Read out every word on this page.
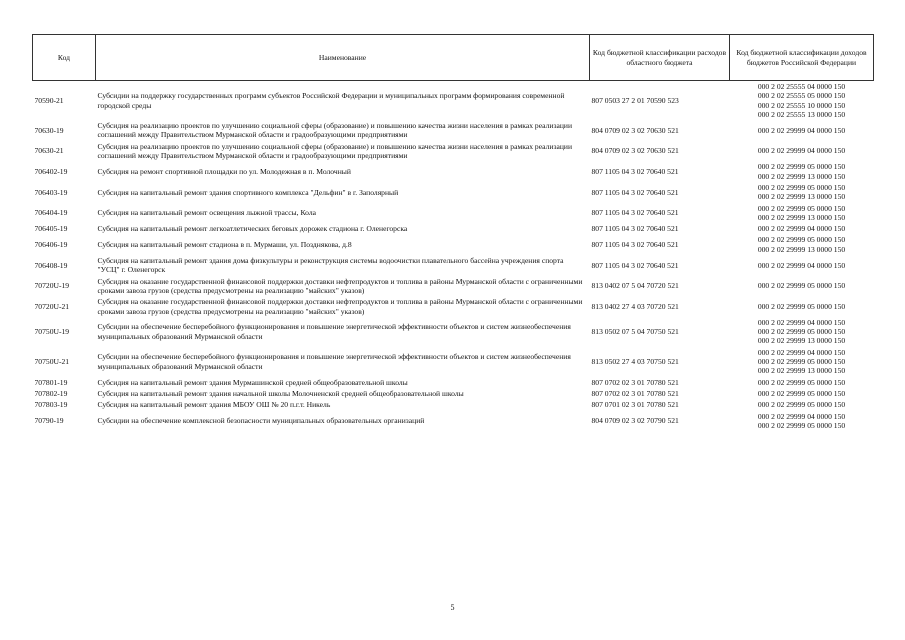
Код	Наименование	Код бюджетной классификации расходов областного бюджета	Код бюджетной классификации доходов бюджетов Российской Федерации
70590-21	Субсидии на поддержку государственных программ субъектов Российской Федерации и муниципальных программ формирования современной городской среды	807 0503 27 2 01 70590 523	000 2 02 25555 04 0000 150
000 2 02 25555 05 0000 150
000 2 02 25555 10 0000 150
000 2 02 25555 13 0000 150
70630-19	Субсидия на реализацию проектов по улучшению социальной сферы (образование) и повышению качества жизни населения в рамках реализации соглашений между Правительством Мурманской области и градообразующими предприятиями	804 0709 02 3 02 70630 521	000 2 02 29999 04 0000 150
70630-21	Субсидия на реализацию проектов по улучшению социальной сферы (образование) и повышению качества жизни населения в рамках реализации соглашений между Правительством Мурманской области и градообразующими предприятиями	804 0709 02 3 02 70630 521	000 2 02 29999 04 0000 150
706402-19	Субсидия на ремонт спортивной площадки по ул. Молодежная в п. Молочный	807 1105 04 3 02 70640 521	000 2 02 29999 05 0000 150
000 2 02 29999 13 0000 150
706403-19	Субсидия на капитальный ремонт здания спортивного комплекса "Дельфин" в г. Заполярный	807 1105 04 3 02 70640 521	000 2 02 29999 05 0000 150
000 2 02 29999 13 0000 150
706404-19	Субсидия на капитальный ремонт освещения лыжной трассы, Кола	807 1105 04 3 02 70640 521	000 2 02 29999 05 0000 150
000 2 02 29999 13 0000 150
706405-19	Субсидия на капитальный ремонт легкоатлетических беговых дорожек стадиона г. Оленегорска	807 1105 04 3 02 70640 521	000 2 02 29999 04 0000 150
706406-19	Субсидия на капитальный ремонт стадиона в п. Мурмаши, ул. Позднякова, д.8	807 1105 04 3 02 70640 521	000 2 02 29999 05 0000 150
000 2 02 29999 13 0000 150
706408-19	Субсидия на капитальный ремонт здания дома физкультуры и реконструкция системы водоочистки плавательного бассейна учреждения спорта "УСЦ" г. Оленегорск	807 1105 04 3 02 70640 521	000 2 02 29999 04 0000 150
70720U-19	Субсидия на оказание государственной финансовой поддержки доставки нефтепродуктов и топлива в районы Мурманской области с ограниченными сроками завоза грузов (средства предусмотрены на реализацию "майских" указов)	813 0402 07 5 04 70720 521	000 2 02 29999 05 0000 150
70720U-21	Субсидия на оказание государственной финансовой поддержки доставки нефтепродуктов и топлива в районы Мурманской области с ограниченными сроками завоза грузов (средства предусмотрены на реализацию "майских" указов)	813 0402 27 4 03 70720 521	000 2 02 29999 05 0000 150
70750U-19	Субсидии на обеспечение бесперебойного функционирования и повышение энергетической эффективности объектов и систем жизнеобеспечения муниципальных образований Мурманской области	813 0502 07 5 04 70750 521	000 2 02 29999 04 0000 150
000 2 02 29999 05 0000 150
000 2 02 29999 13 0000 150
70750U-21	Субсидии на обеспечение бесперебойного функционирования и повышение энергетической эффективности объектов и систем жизнеобеспечения муниципальных образований Мурманской области	813 0502 27 4 03 70750 521	000 2 02 29999 04 0000 150
000 2 02 29999 05 0000 150
000 2 02 29999 13 0000 150
707801-19	Субсидия на капитальный ремонт здания Мурмашинской средней общеобразовательной школы	807 0702 02 3 01 70780 521	000 2 02 29999 05 0000 150
707802-19	Субсидия на капитальный ремонт здания начальной школы Молочненской средней общеобразовательной школы	807 0702 02 3 01 70780 521	000 2 02 29999 05 0000 150
707803-19	Субсидия на капитальный ремонт здания МБОУ ОШ № 20 п.г.т. Никель	807 0701 02 3 01 70780 521	000 2 02 29999 05 0000 150
70790-19	Субсидии на обеспечение комплексной безопасности муниципальных образовательных организаций	804 0709 02 3 02 70790 521	000 2 02 29999 04 0000 150
000 2 02 29999 05 0000 150
5
